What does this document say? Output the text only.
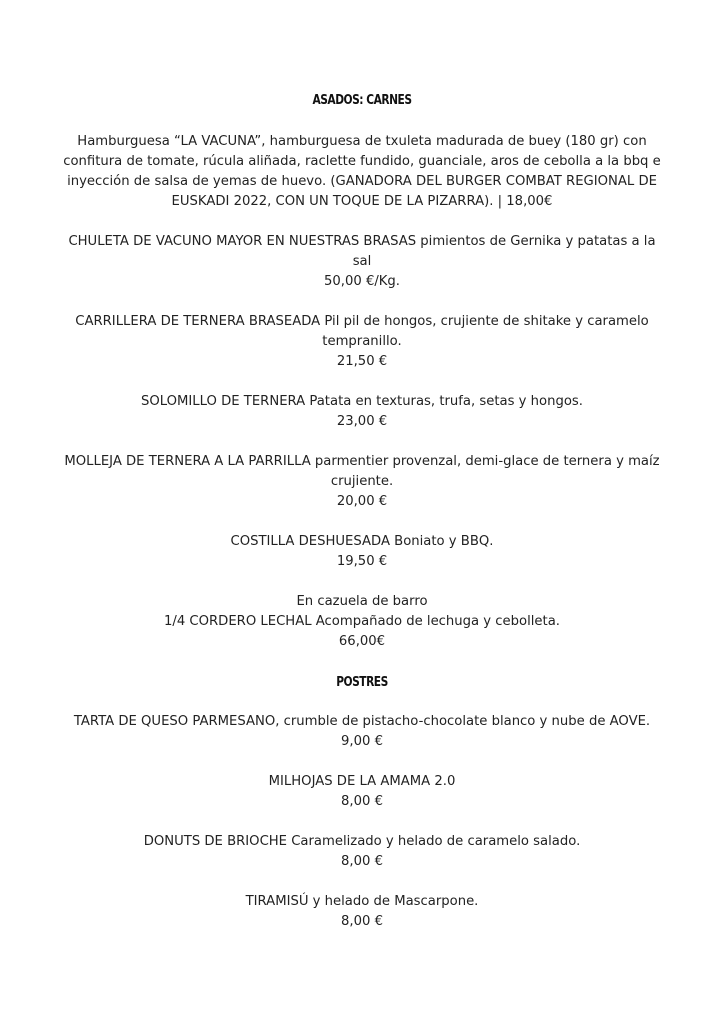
ASADOS: CARNES
Hamburguesa “LA VACUNA”, hamburguesa de txuleta madurada de buey (180 gr) con confitura de tomate, rúcula aliñada, raclette fundido, guanciale, aros de cebolla a la bbq e inyección de salsa de yemas de huevo. (GANADORA DEL BURGER COMBAT REGIONAL DE EUSKADI 2022, CON UN TOQUE DE LA PIZARRA). | 18,00€
CHULETA DE VACUNO MAYOR EN NUESTRAS BRASAS pimientos de Gernika y patatas a la sal
50,00 €/Kg.
CARRILLERA DE TERNERA BRASEADA Pil pil de hongos, crujiente de shitake y caramelo tempranillo.
21,50 €
SOLOMILLO DE TERNERA Patata en texturas, trufa, setas y hongos.
23,00 €
MOLLEJA DE TERNERA A LA PARRILLA parmentier provenzal, demi-glace de ternera y maíz crujiente.
20,00 €
COSTILLA DESHUESADA Boniato y BBQ.
19,50 €
En cazuela de barro
1/4 CORDERO LECHAL Acompañado de lechuga y cebolleta.
66,00€
POSTRES
TARTA DE QUESO PARMESANO, crumble de pistacho-chocolate blanco y nube de AOVE.
9,00 €
MILHOJAS DE LA AMAMA 2.0
8,00 €
DONUTS DE BRIOCHE Caramelizado y helado de caramelo salado.
8,00 €
TIRAMISÚ y helado de Mascarpone.
8,00 €
